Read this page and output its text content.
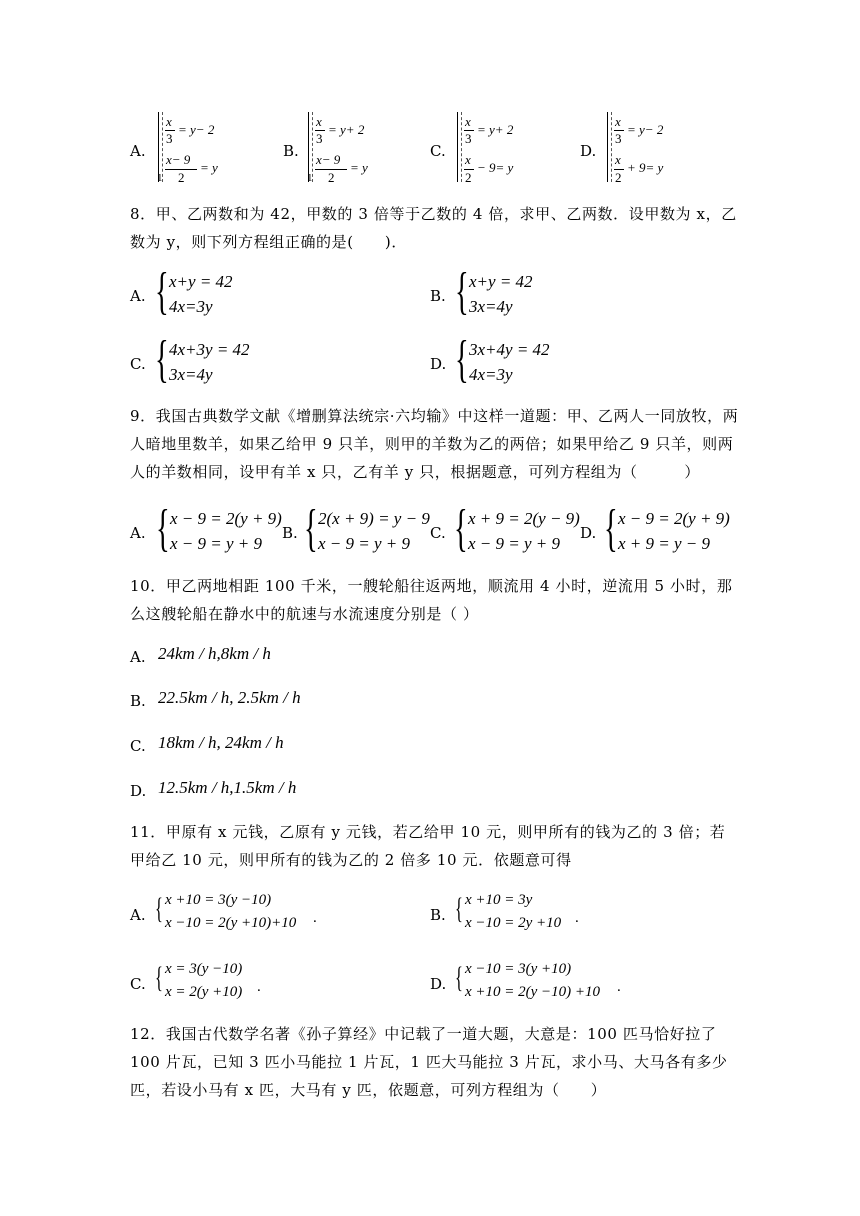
A.
x
3
= y− 2
x− 9
2
= y
1
B.
x
3
= y+ 2
x− 9
2
= y
1
C.
x
3
= y+ 2
x
2
− 9= y
D.
x
3
= y− 2
x
2
+ 9= y
8．甲、乙两数和为 42，甲数的 3 倍等于乙数的 4 倍，求甲、乙两数．设甲数为 x，乙数为 y，则下列方程组正确的是(　　)．
A. { x+y = 42
4x=3y
B. { x+y = 42
3x=4y
C. { 4x+3y = 42
3x=4y
D. { 3x+4y = 42
4x=3y
9．我国古典数学文献《增删算法统宗·六均输》中这样一道题：甲、乙两人一同放牧，两人暗地里数羊，如果乙给甲 9 只羊，则甲的羊数为乙的两倍；如果甲给乙 9 只羊，则两人的羊数相同，设甲有羊 x 只，乙有羊 y 只，根据题意，可列方程组为（　　　）
A. { x − 9 = 2(y + 9)
x − 9 = y + 9
B. { 2(x + 9) = y − 9
x − 9 = y + 9
C. { x + 9 = 2(y − 9)
x − 9 = y + 9
D. { x − 9 = 2(y + 9)
x + 9 = y − 9
10．甲乙两地相距 100 千米，一艘轮船往返两地，顺流用 4 小时，逆流用 5 小时，那么这艘轮船在静水中的航速与水流速度分别是（ ）
A. 24km / h,8km / h
B. 22.5km / h, 2.5km / h
C. 18km / h, 24km / h
D. 12.5km / h,1.5km / h
11．甲原有 x 元钱，乙原有 y 元钱，若乙给甲 10 元，则甲所有的钱为乙的 3 倍；若甲给乙 10 元，则甲所有的钱为乙的 2 倍多 10 元．依题意可得
A. { x +10 = 3(y −10)
x −10 = 2(y +10)+10 .	B. { x +10 = 3y
x −10 = 2y +10 .
C. { x = 3(y −10)
x = 2(y +10) .	D. { x −10 = 3(y +10)
x +10 = 2(y −10) +10 .
12．我国古代数学名著《孙子算经》中记载了一道大题，大意是：100 匹马恰好拉了 100 片瓦，已知 3 匹小马能拉 1 片瓦，1 匹大马能拉 3 片瓦，求小马、大马各有多少匹，若设小马有 x 匹，大马有 y 匹，依题意，可列方程组为（　　）
